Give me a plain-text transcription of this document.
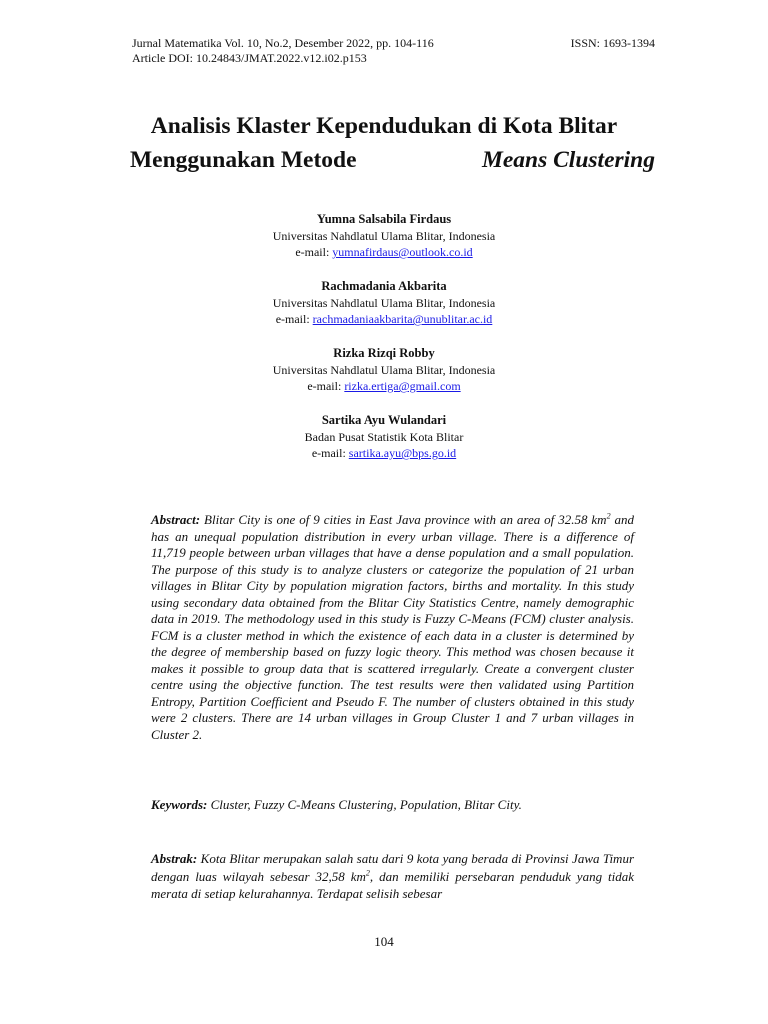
Jurnal Matematika Vol. 10, No.2, Desember 2022, pp. 104-116
Article DOI: 10.24843/JMAT.2022.v12.i02.p153
ISSN: 1693-1394
Analisis Klaster Kependudukan di Kota Blitar
Menggunakan Metode	Means Clustering
Yumna Salsabila Firdaus
Universitas Nahdlatul Ulama Blitar, Indonesia
e-mail: yumnafirdaus@outlook.co.id
Rachmadania Akbarita
Universitas Nahdlatul Ulama Blitar, Indonesia
e-mail: rachmadaniaakbarita@unublitar.ac.id
Rizka Rizqi Robby
Universitas Nahdlatul Ulama Blitar, Indonesia
e-mail: rizka.ertiga@gmail.com
Sartika Ayu Wulandari
Badan Pusat Statistik Kota Blitar
e-mail: sartika.ayu@bps.go.id
Abstract: Blitar City is one of 9 cities in East Java province with an area of 32.58 $km^2$ and has an unequal population distribution in every urban village. There is a difference of 11,719 people between urban villages that have a dense population and a small population. The purpose of this study is to analyze clusters or categorize the population of 21 urban villages in Blitar City by population migration factors, births and mortality. In this study using secondary data obtained from the Blitar City Statistics Centre, namely demographic data in 2019. The methodology used in this study is Fuzzy C-Means (FCM) cluster analysis. FCM is a cluster method in which the existence of each data in a cluster is determined by the degree of membership based on fuzzy logic theory. This method was chosen because it makes it possible to group data that is scattered irregularly. Create a convergent cluster centre using the objective function. The test results were then validated using Partition Entropy, Partition Coefficient and Pseudo F. The number of clusters obtained in this study were 2 clusters. There are 14 urban villages in Group Cluster 1 and 7 urban villages in Cluster 2.
Keywords: Cluster, Fuzzy C-Means Clustering, Population, Blitar City.
Abstrak: Kota Blitar merupakan salah satu dari 9 kota yang berada di Provinsi Jawa Timur dengan luas wilayah sebesar 32,58 $km^2$, dan memiliki persebaran penduduk yang tidak merata di setiap kelurahannya. Terdapat selisih sebesar
104
